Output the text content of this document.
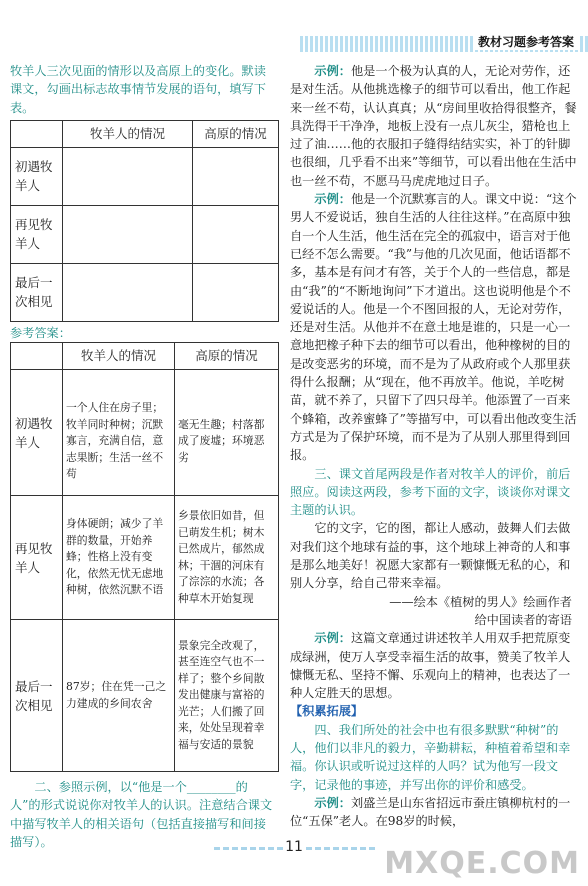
教材习题参考答案

牧羊人三次见面的情形以及高原上的变化。默读课文，勾画出标志故事情节发展的语句，填写下表。

	牧羊人的情况	高原的情况
初遇牧羊人		
再见牧羊人		
最后一次相见		

参考答案：

	牧羊人的情况	高原的情况
初遇牧羊人	一个人住在房子里；牧羊同时种树；沉默寡言，充满自信，意志果断；生活一丝不苟	毫无生趣；村落都成了废墟；环境恶劣
再见牧羊人	身体硬朗；减少了羊群的数量，开始养蜂；性格上没有变化，依然无忧无虑地种树，依然沉默不语	乡景依旧如昔，但已萌发生机；树木已然成片，郁然成林；干涸的河床有了淙淙的水流；各种草木开始复现
最后一次相见	87岁；住在凭一己之力建成的乡间农舍	景象完全改观了，甚至连空气也不一样了；整个乡间散发出健康与富裕的光芒；人们搬了回来，处处呈现着幸福与安适的景貌

二、参照示例，以“他是一个________的人”的形式说说你对牧羊人的认识。注意结合课文中描写牧羊人的相关语句（包括直接描写和间接描写）。

示例：他是一个极为认真的人，无论对劳作，还是对生活。从他挑选橡子的细节可以看出，他工作起来一丝不苟，认认真真；从“房间里收拾得很整齐，餐具洗得干干净净，地板上没有一点儿灰尘，猎枪也上过了油……他的衣服扣子缝得结结实实，补丁的针脚也很细，几乎看不出来”等细节，可以看出他在生活中也一丝不苟，不愿马马虎虎地过日子。

示例：他是一个沉默寡言的人。课文中说：“这个男人不爱说话，独自生活的人往往这样。”在高原中独自一个人生活，他生活在完全的孤寂中，语言对于他已经不怎么需要。“我”与他的几次见面，他话语都不多，基本是有问才有答，关于个人的一些信息，都是由“我”的“不断地询问”下才道出。这也说明他是个不爱说话的人。他是一个不图回报的人，无论对劳作，还是对生活。从他并不在意土地是谁的，只是一心一意地把橡子种下去的细节可以看出，他种橡树的目的是改变恶劣的环境，而不是为了从政府或个人那里获得什么报酬；从“现在，他不再放羊。他说，羊吃树苗，就不养了，只留下了四只母羊。他添置了一百来个蜂箱，改养蜜蜂了”等描写中，可以看出他改变生活方式是为了保护环境，而不是为了从别人那里得到回报。

三、课文首尾两段是作者对牧羊人的评价，前后照应。阅读这两段，参考下面的文字，谈谈你对课文主题的认识。

它的文字，它的图，都让人感动，鼓舞人们去做对我们这个地球有益的事，这个地球上神奇的人和事是那么地美好！祝愿大家都有一颗慷慨无私的心，和别人分享，给自己带来幸福。

——绘本《植树的男人》绘画作者

给中国读者的寄语

示例：这篇文章通过讲述牧羊人用双手把荒原变成绿洲，使万人享受幸福生活的故事，赞美了牧羊人慷慨无私、坚持不懈、乐观向上的精神，也表达了一种人定胜天的思想。

【积累拓展】

四、我们所处的社会中也有很多默默“种树”的人，他们以非凡的毅力，辛勤耕耘，种植着希望和幸福。你认识或听说过这样的人吗？试为他写一段文字，记录他的事迹，并写出你的评价和感受。

示例：刘盛兰是山东省招远市蚕庄镇柳杭村的一位“五保”老人。在98岁的时候，

11	MXQE.COM
